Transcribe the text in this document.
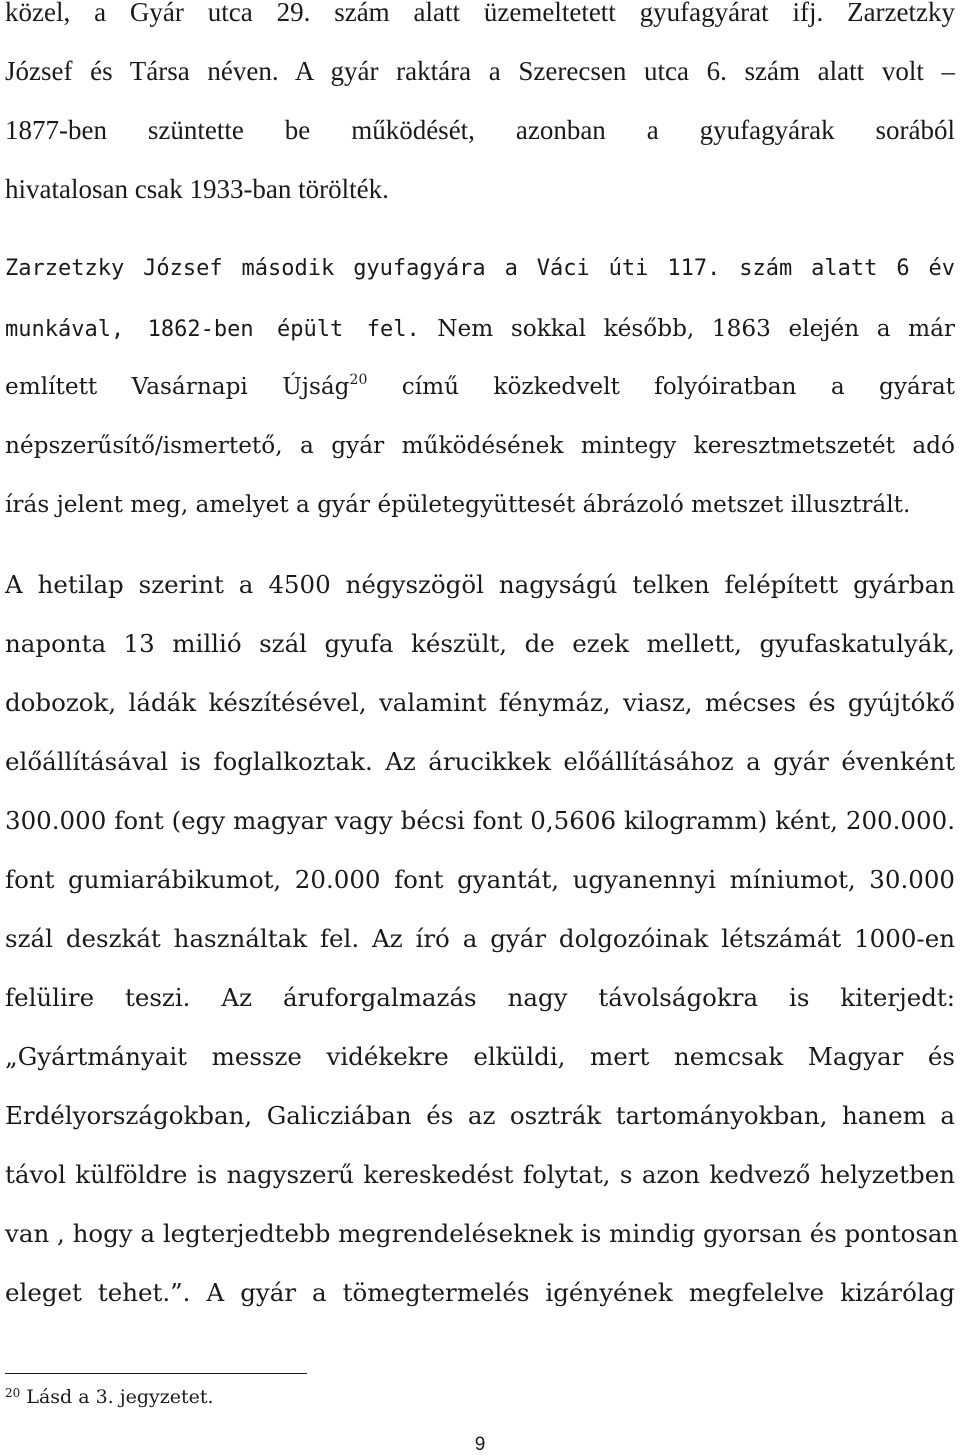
közel, a Gyár utca 29. szám alatt üzemeltetett gyufagyárat ifj. Zarzetzky
József és Társa néven. A gyár raktára a Szerecsen utca 6. szám alatt volt –
1877-ben szüntette be működését, azonban a gyufagyárak sorából
hivatalosan csak 1933-ban törölték.
Zarzetzky József második gyufagyára a Váci úti 117. szám alatt 6 év
munkával, 1862-ben épült fel. Nem sokkal később, 1863 elején a már
említett Vasárnapi Újság$^{20}$ című közkedvelt folyóiratban a gyárat
népszerűsítő/ismertető, a gyár működésének mintegy keresztmetszetét adó
írás jelent meg, amelyet a gyár épületegyüttesét ábrázoló metszet illusztrált.
A hetilap szerint a 4500 négyszögöl nagyságú telken felépített gyárban
naponta 13 millió szál gyufa készült, de ezek mellett, gyufaskatulyák,
dobozok, ládák készítésével, valamint fénymáz, viasz, mécses és gyújtókő
előállításával is foglalkoztak. Az árucikkek előállításához a gyár évenként
300.000 font (egy magyar vagy bécsi font 0,5606 kilogramm) ként, 200.000.
font gumiarábikumot, 20.000 font gyantát, ugyanennyi míniumot, 30.000
szál deszkát használtak fel. Az író a gyár dolgozóinak létszámát 1000-en
felülire teszi. Az áruforgalmazás nagy távolságokra is kiterjedt:
„Gyártmányait messze vidékekre elküldi, mert nemcsak Magyar és
Erdélyországokban, Galicziában és az osztrák tartományokban, hanem a
távol külföldre is nagyszerű kereskedést folytat, s azon kedvező helyzetben
van , hogy a legterjedtebb megrendeléseknek is mindig gyorsan és pontosan
eleget tehet.”. A gyár a tömegtermelés igényének megfelelve kizárólag
$^{20}$ Lásd a 3. jegyzetet.
9
